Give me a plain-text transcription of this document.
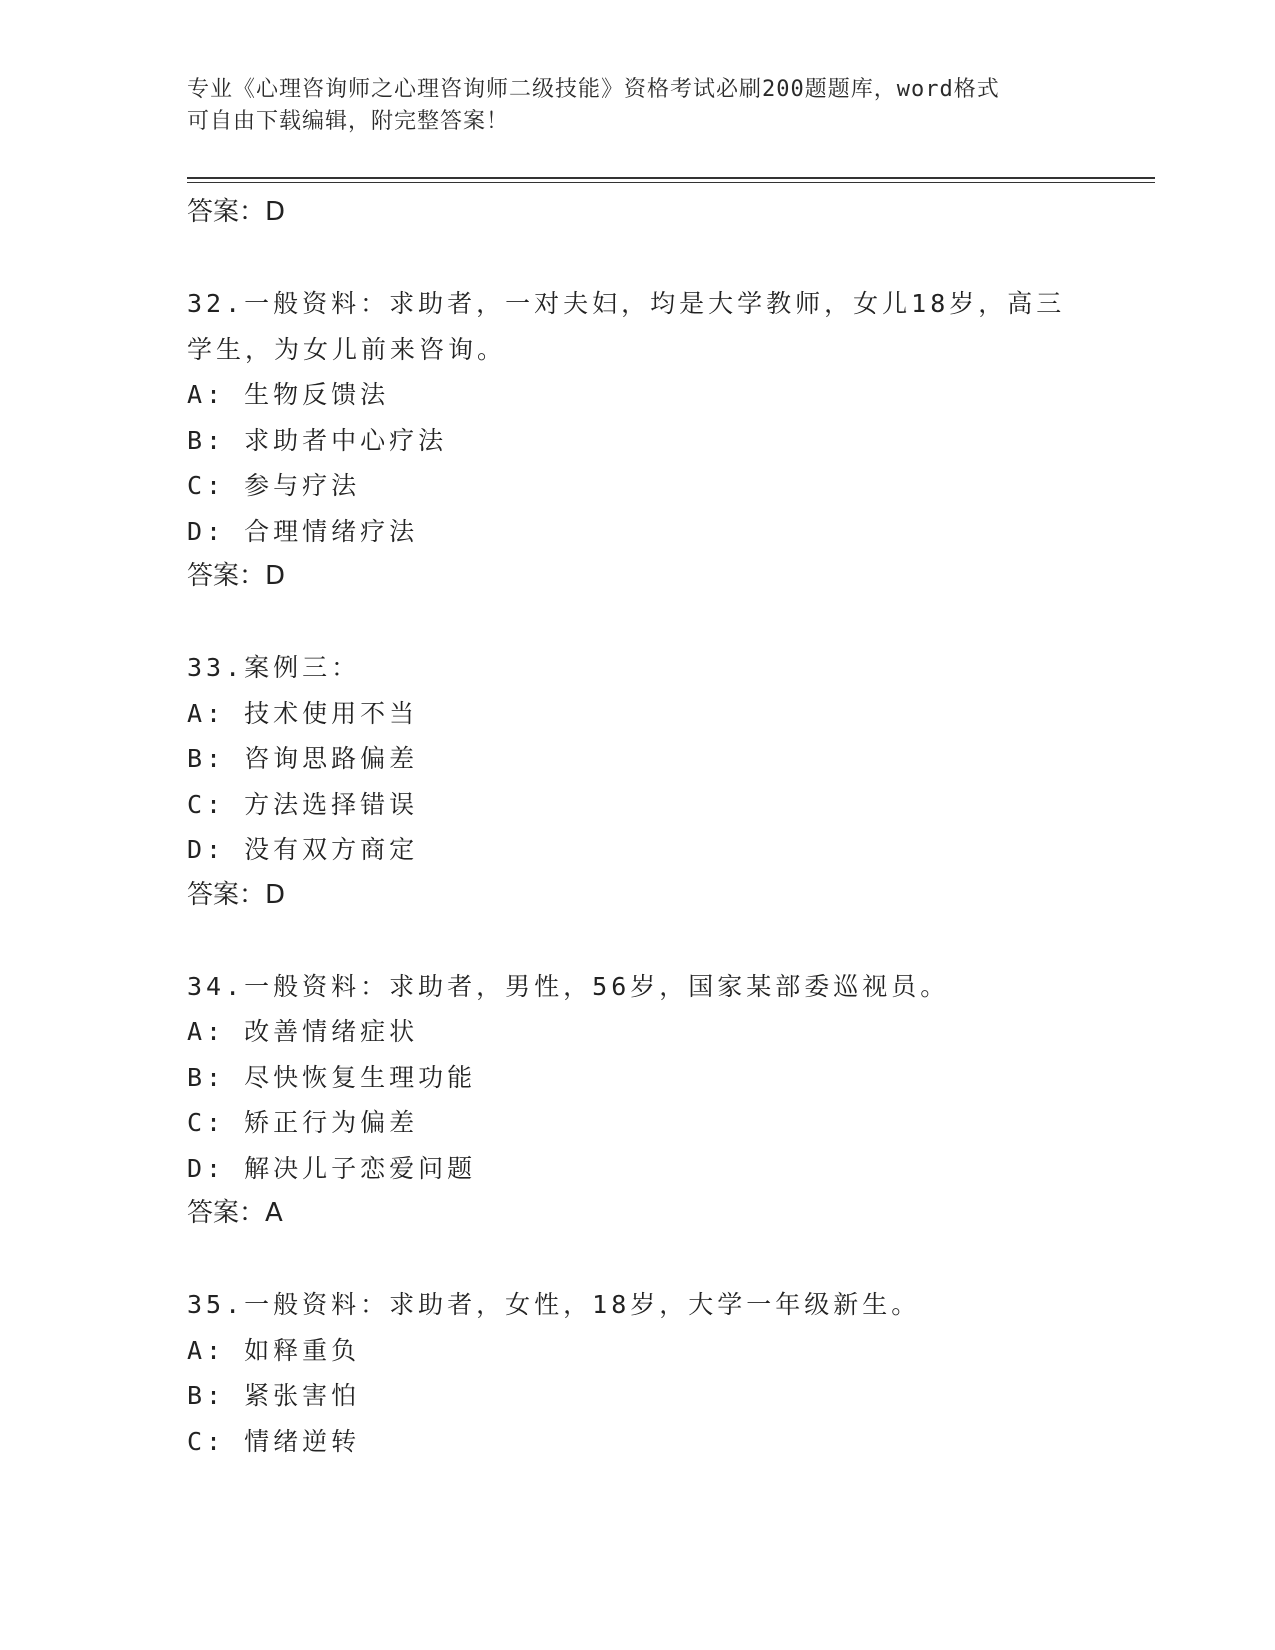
专业《心理咨询师之心理咨询师二级技能》资格考试必刷200题题库，word格式
可自由下载编辑，附完整答案！
答案：D
32.一般资料：求助者，一对夫妇，均是大学教师，女儿18岁，高三
学生，为女儿前来咨询。
A: 生物反馈法
B: 求助者中心疗法
C: 参与疗法
D: 合理情绪疗法
答案：D
33.案例三：
A: 技术使用不当
B: 咨询思路偏差
C: 方法选择错误
D: 没有双方商定
答案：D
34.一般资料：求助者，男性，56岁，国家某部委巡视员。
A: 改善情绪症状
B: 尽快恢复生理功能
C: 矫正行为偏差
D: 解决儿子恋爱问题
答案：A
35.一般资料：求助者，女性，18岁，大学一年级新生。
A: 如释重负
B: 紧张害怕
C: 情绪逆转
